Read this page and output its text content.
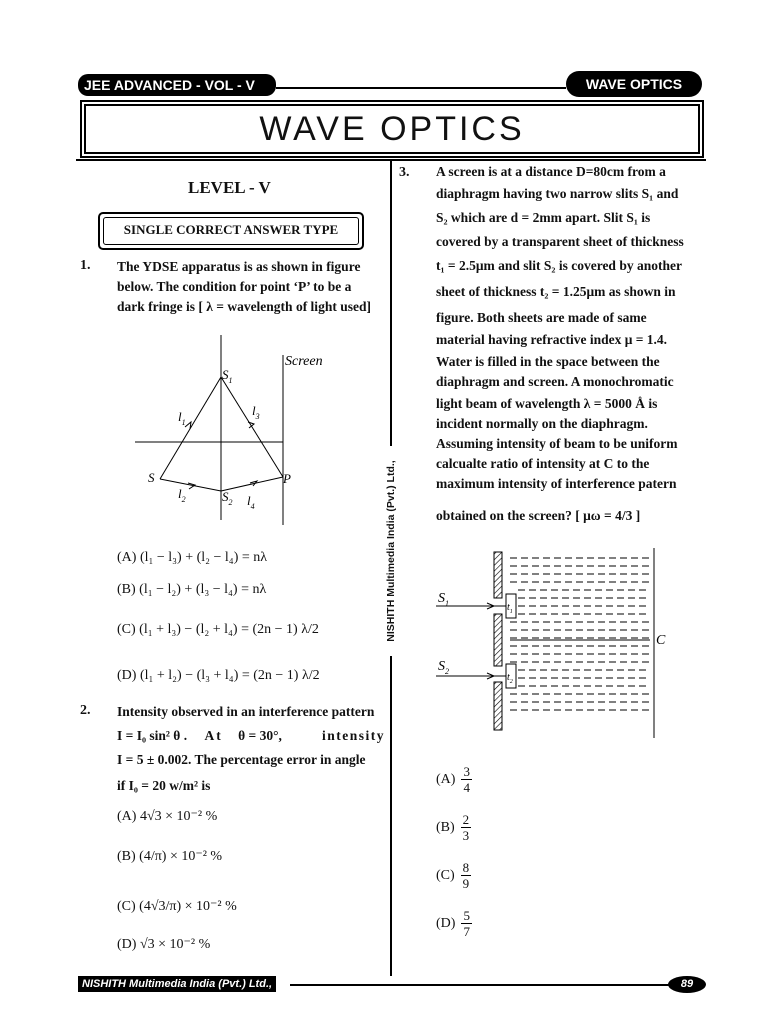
JEE ADVANCED - VOL - V	WAVE OPTICS
WAVE OPTICS
NISHITH Multimedia India (Pvt.) Ltd.,
LEVEL - V
SINGLE CORRECT ANSWER TYPE
1. The YDSE apparatus is as shown in figure
below. The condition for point ‘P’ to be a
dark fringe is [ λ = wavelength of light used]
Screen
$S_1$
S
$S_2$
P
$l_1$
$l_3$
$l_2$	$l_4$
(A) (l₁ − l₃) + (l₂ − l₄) = nλ
(B) (l₁ − l₂) + (l₃ − l₄) = nλ
(C) (l₁ + l₃) − (l₂ + l₄) = (2n − 1) λ/2
(D) (l₁ + l₂) − (l₃ + l₄) = (2n − 1) λ/2
2. Intensity observed in an interference pattern
I = I₀ sin² θ . At θ = 30°,	intensity
I = 5 ± 0.002. The percentage error in angle
if I₀ = 20 w/m² is
(A) 4√3 × 10⁻² %
(B) (4/π) × 10⁻² %
(C) (4√3/π) × 10⁻² %
(D) √3 × 10⁻² %
3. A screen is at a distance D=80cm from a
diaphragm having two narrow slits S₁ and
S₂ which are d = 2mm apart. Slit S₁ is
covered by a transparent sheet of thickness
t₁ = 2.5μm and slit S₂ is covered by another
sheet of thickness t₂ = 1.25μm as shown in
figure. Both sheets are made of same
material having refractive index μ = 1.4.
Water is filled in the space between the
diaphragm and screen. A monochromatic
light beam of wavelength λ = 5000 Å is
incident normally on the diaphragm.
Assuming intensity of beam to be uniform
calcualte ratio of intensity at C to the
maximum intensity of interference patern
obtained on the screen? [ μω = 4/3 ]
$S_1$
$S_2$
$t_1$
$t_2$
C
(A) 3
4
(B) 2
3
(C) 8
9
(D) 5
7
NISHITH Multimedia India (Pvt.) Ltd.,	89
